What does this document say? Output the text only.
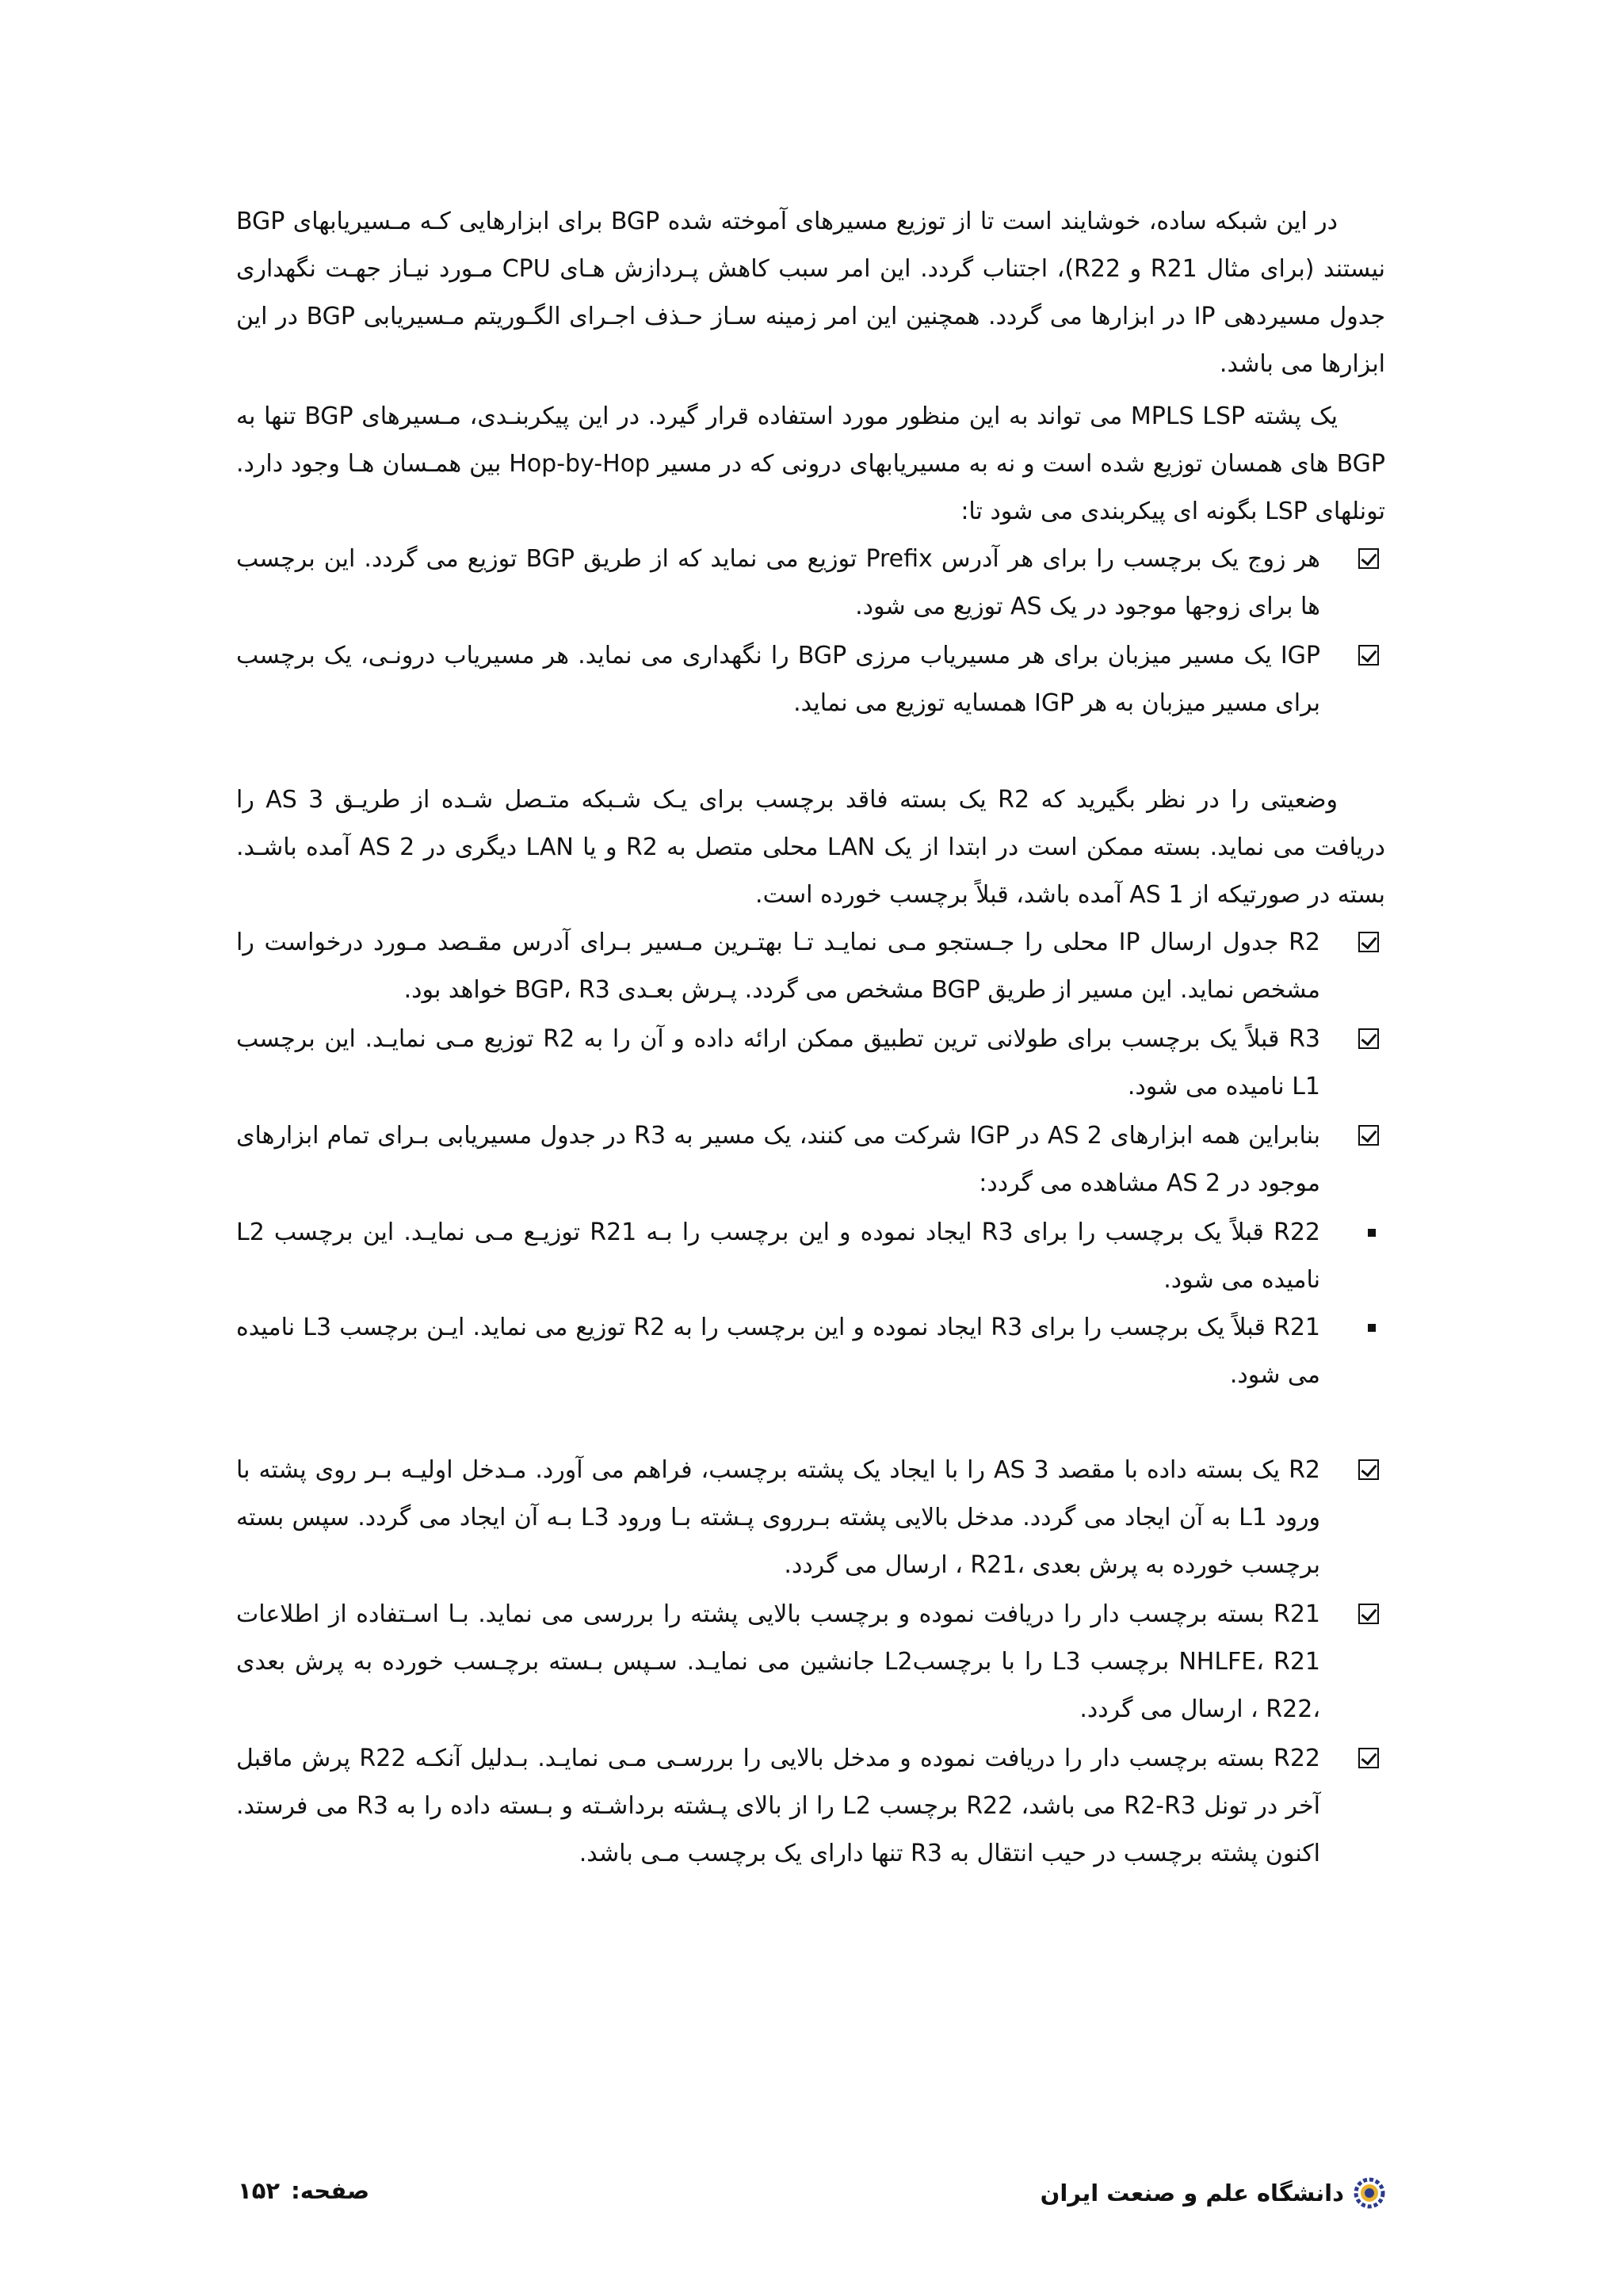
در این شبکه ساده، خوشایند است تا از توزیع مسیرهای آموخته شده BGP برای ابزارهایی کـه مـسیریابهای BGP نیستند (برای مثال R21 و R22)، اجتناب گردد. این امر سبب کاهش پـردازش هـای CPU مـورد نیـاز جهـت نگهداری جدول مسیردهی IP در ابزارها می گردد. همچنین این امر زمینه سـاز حـذف اجـرای الگـوریتم مـسیریابی BGP در این ابزارها می باشد.

یک پشته MPLS LSP می تواند به این منظور مورد استفاده قرار گیرد. در این پیکربنـدی، مـسیرهای BGP تنها به BGP های همسان توزیع شده است و نه به مسیریابهای درونی که در مسیر Hop-by-Hop بین همـسان هـا وجود دارد. تونلهای LSP بگونه ای پیکربندی می شود تا:

هر زوج یک برچسب را برای هر آدرس Prefix توزیع می نماید که از طریق BGP توزیع می گردد. این برچسب ها برای زوجها موجود در یک AS توزیع می شود.
IGP یک مسیر میزبان برای هر مسیریاب مرزی BGP را نگهداری می نماید. هر مسیریاب درونـی، یک برچسب برای مسیر میزبان به هر IGP همسایه توزیع می نماید.

وضعیتی را در نظر بگیرید که R2 یک بسته فاقد برچسب برای یـک شـبکه متـصل شـده از طریـق AS 3 را دریافت می نماید. بسته ممکن است در ابتدا از یک LAN محلی متصل به R2 و یا LAN دیگری در AS 2 آمده باشـد. بسته در صورتیکه از AS 1 آمده باشد، قبلاً برچسب خورده است.

R2 جدول ارسال IP محلی را جـستجو مـی نمایـد تـا بهتـرین مـسیر بـرای آدرس مقـصد مـورد درخواست را مشخص نماید. این مسیر از طریق BGP مشخص می گردد. پـرش بعـدی BGP، R3 خواهد بود.
R3 قبلاً یک برچسب برای طولانی ترین تطبیق ممکن ارائه داده و آن را به R2 توزیع مـی نمایـد. این برچسب L1 نامیده می شود.
بنابراین همه ابزارهای AS 2 در IGP شرکت می کنند، یک مسیر به R3 در جدول مسیریابی بـرای تمام ابزارهای موجود در AS 2 مشاهده می گردد:
R22 قبلاً یک برچسب را برای R3 ایجاد نموده و این برچسب را بـه R21 توزیـع مـی نمایـد. این برچسب L2 نامیده می شود.
R21 قبلاً یک برچسب را برای R3 ایجاد نموده و این برچسب را به R2 توزیع می نماید. ایـن برچسب L3 نامیده می شود.
R2 یک بسته داده با مقصد AS 3 را با ایجاد یک پشته برچسب، فراهم می آورد. مـدخل اولیـه بـر روی پشته با ورود L1 به آن ایجاد می گردد. مدخل بالایی پشته بـرروی پـشته بـا ورود L3 بـه آن ایجاد می گردد. سپس بسته برچسب خورده به پرش بعدی ،R21 ، ارسال می گردد.
R21 بسته برچسب دار را دریافت نموده و برچسب بالایی پشته را بررسی می نماید. بـا اسـتفاده از اطلاعات NHLFE، R21 برچسب L3 را با برچسبL2 جانشین می نمایـد. سـپس بـسته برچـسب خورده به پرش بعدی ،R22 ، ارسال می گردد.
R22 بسته برچسب دار را دریافت نموده و مدخل بالایی را بررسـی مـی نمایـد. بـدلیل آنکـه R22 پرش ماقبل آخر در تونل R2-R3 می باشد، R22 برچسب L2 را از بالای پـشته برداشـته و بـسته داده را به R3 می فرستد. اکنون پشته برچسب در حیب انتقال به R3 تنها دارای یک برچسب مـی باشد.
دانشگاه علم و صنعت ایران
صفحه:
۱۵۲
